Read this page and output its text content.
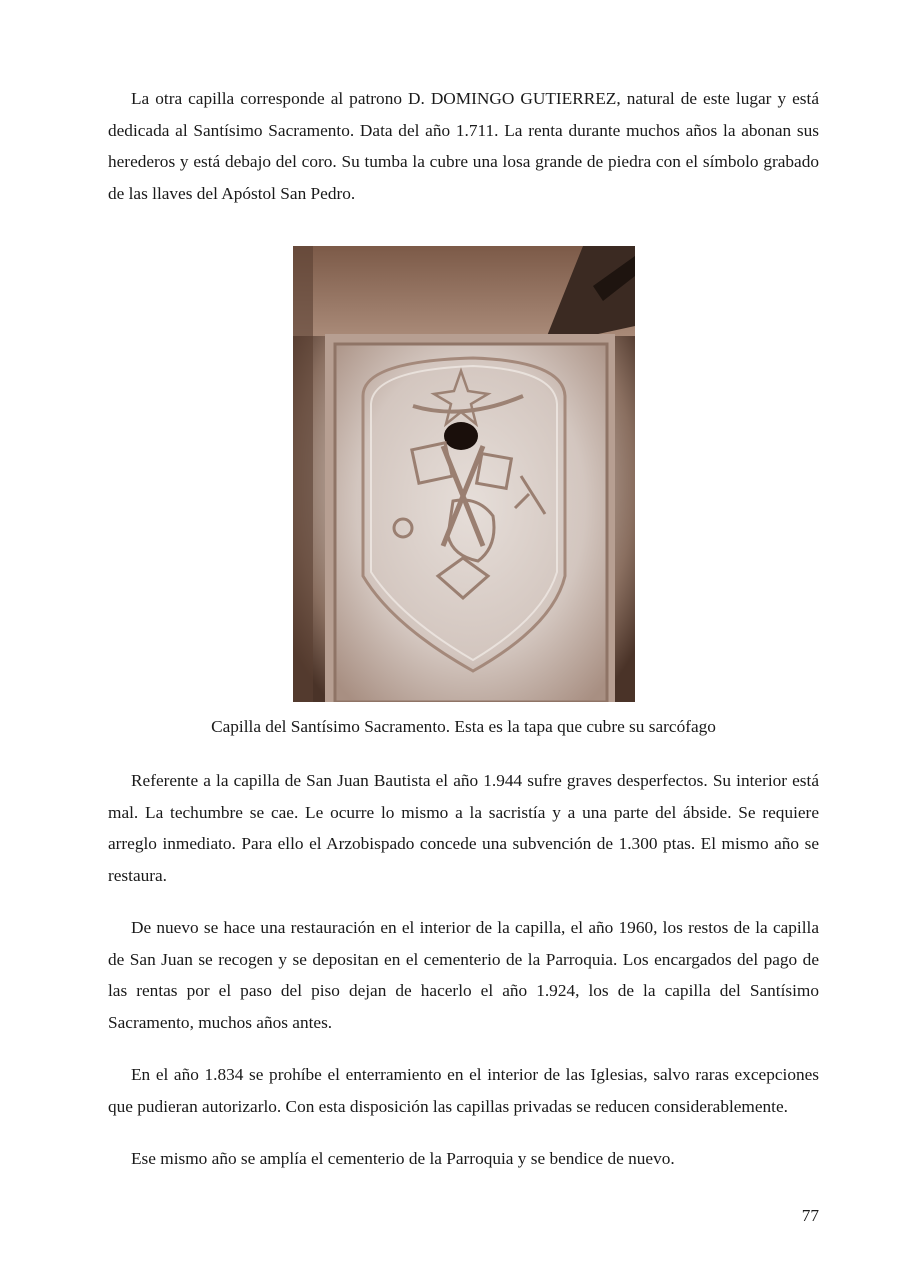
La otra capilla corresponde al patrono D. DOMINGO GUTIERREZ, natural de este lugar y está dedicada al Santísimo Sacramento. Data del año 1.711. La renta durante muchos años la abonan sus herederos y está debajo del coro. Su tumba la cubre una losa grande de piedra con el símbolo grabado de las llaves del Apóstol San Pedro.

Capilla del Santísimo Sacramento. Esta es la tapa que cubre su sarcófago

Referente a la capilla de San Juan Bautista el año 1.944 sufre graves desperfectos. Su interior está mal. La techumbre se cae. Le ocurre lo mismo a la sacristía y a una parte del ábside. Se requiere arreglo inmediato. Para ello el Arzobispado concede una subvención de 1.300 ptas. El mismo año se restaura.

De nuevo se hace una restauración en el interior de la capilla, el año 1960, los restos de la capilla de San Juan se recogen y se depositan en el cementerio de la Parroquia. Los encargados del pago de las rentas por el paso del piso dejan de hacerlo el año 1.924, los de la capilla del Santísimo Sacramento, muchos años antes.

En el año 1.834 se prohíbe el enterramiento en el interior de las Iglesias, salvo raras excepciones que pudieran autorizarlo. Con esta disposición las capillas privadas se reducen considerablemente.

Ese mismo año se amplía el cementerio de la Parroquia y se bendice de nuevo.

77
